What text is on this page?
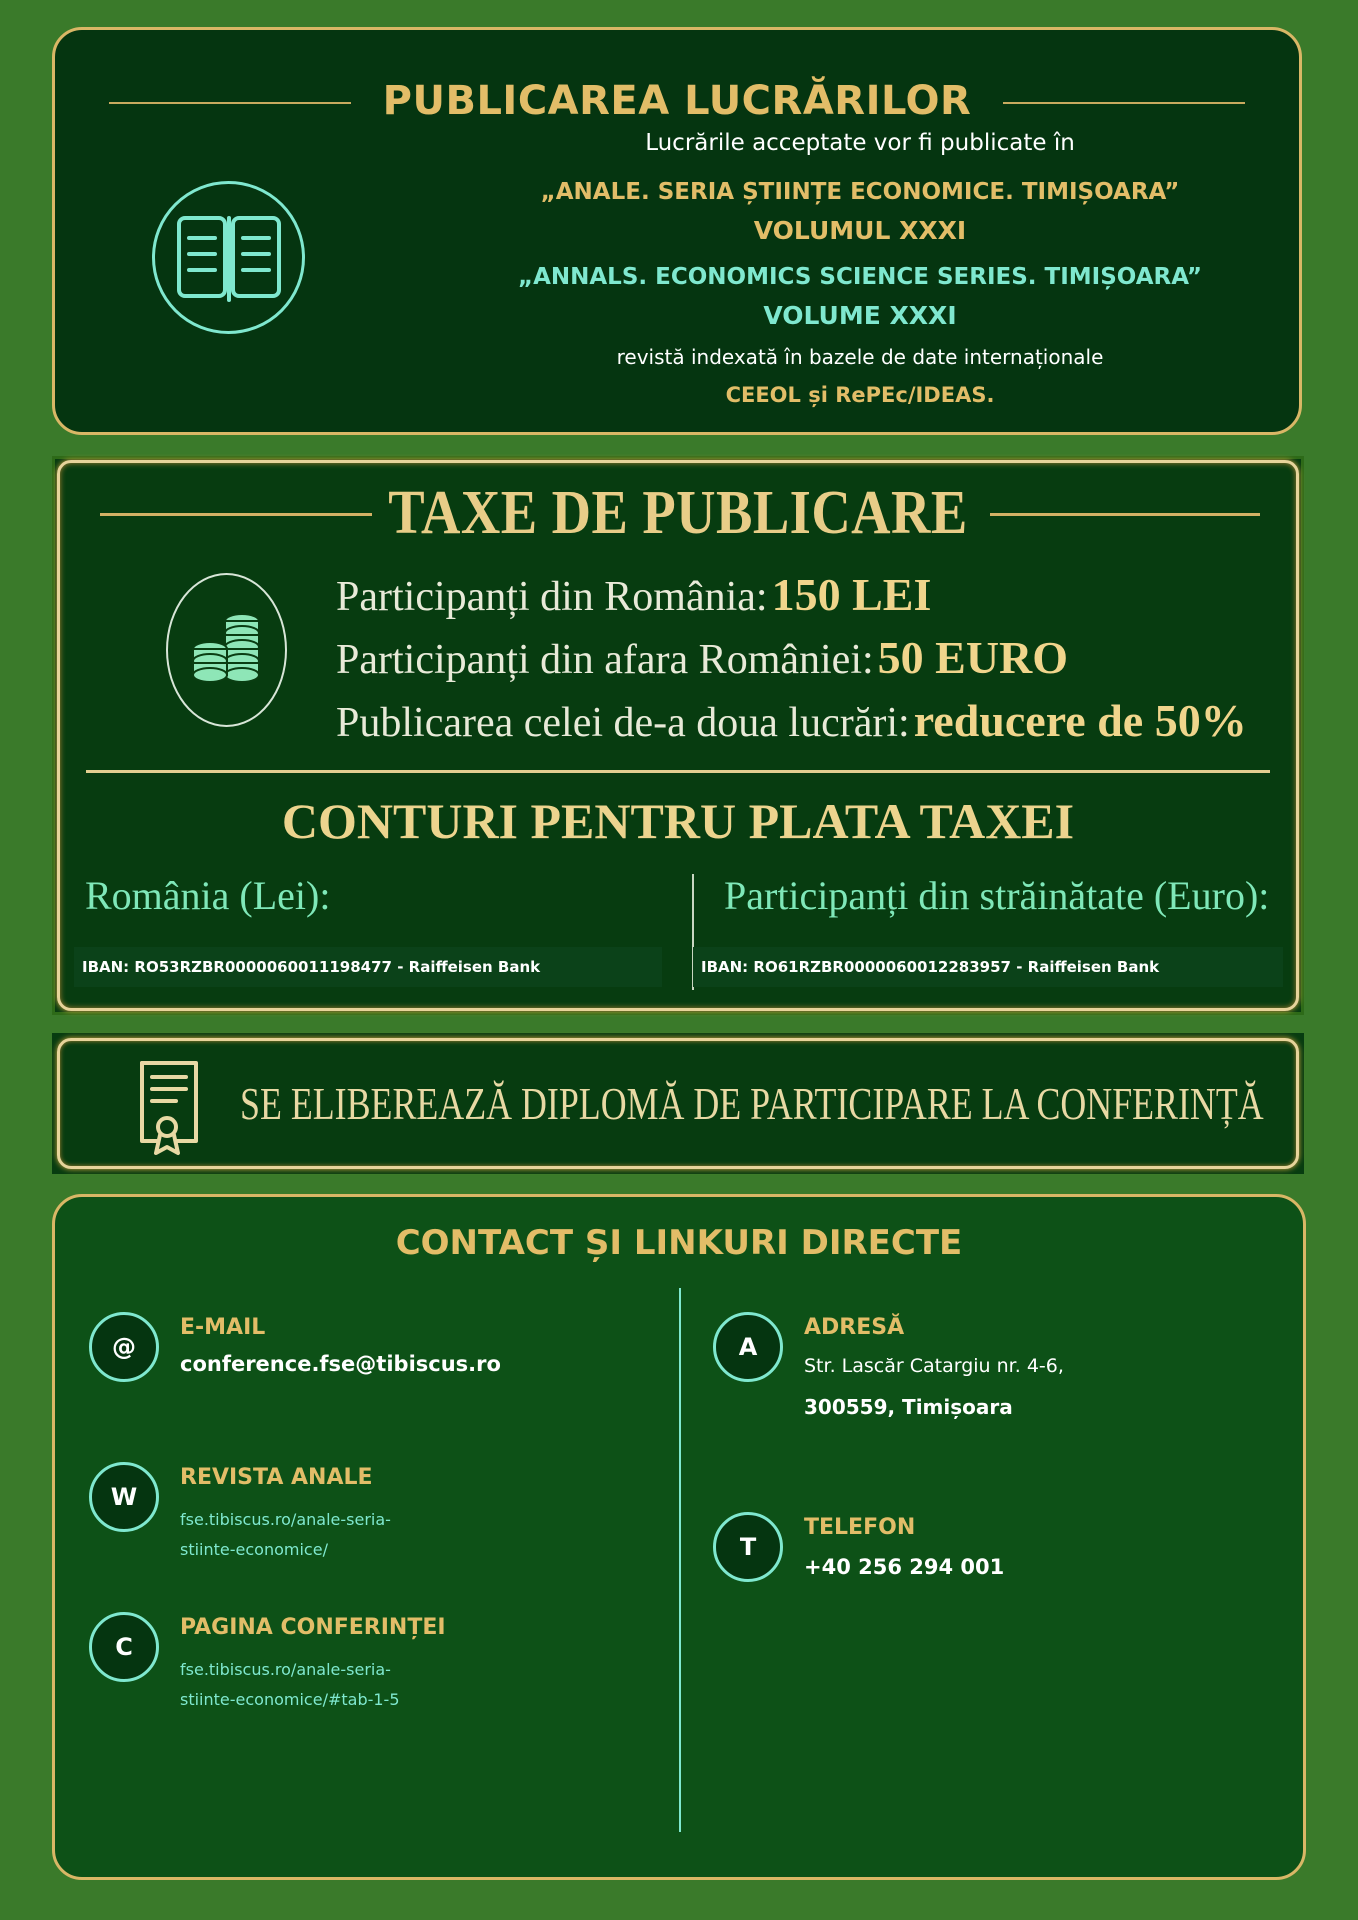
PUBLICAREA LUCRĂRILOR
Lucrările acceptate vor fi publicate în
„ANALE. SERIA ȘTIINȚE ECONOMICE. TIMIȘOARA”
VOLUMUL XXXI
„ANNALS. ECONOMICS SCIENCE SERIES. TIMIȘOARA”
VOLUME XXXI
revistă indexată în bazele de date internaționale
CEEOL și RePEc/IDEAS.
TAXE DE PUBLICARE
Participanți din România: 150 LEI
Participanți din afara României: 50 EURO
Publicarea celei de-a doua lucrări: reducere de 50%
CONTURI PENTRU PLATA TAXEI
România (Lei):	Participanți din străinătate (Euro):
IBAN: RO53RZBR0000060011198477 - Raiffeisen Bank	IBAN: RO61RZBR0000060012283957 - Raiffeisen Bank
SE ELIBEREAZĂ DIPLOMĂ DE PARTICIPARE LA CONFERINȚĂ
CONTACT ȘI LINKURI DIRECTE
@
E-MAIL
conference.fse@tibiscus.ro
W
REVISTA ANALE
fse.tibiscus.ro/anale-seria-
stiinte-economice/
C
PAGINA CONFERINȚEI
fse.tibiscus.ro/anale-seria-
stiinte-economice/#tab-1-5
A
ADRESĂ
Str. Lascăr Catargiu nr. 4-6,
300559, Timișoara
T
TELEFON
+40 256 294 001
